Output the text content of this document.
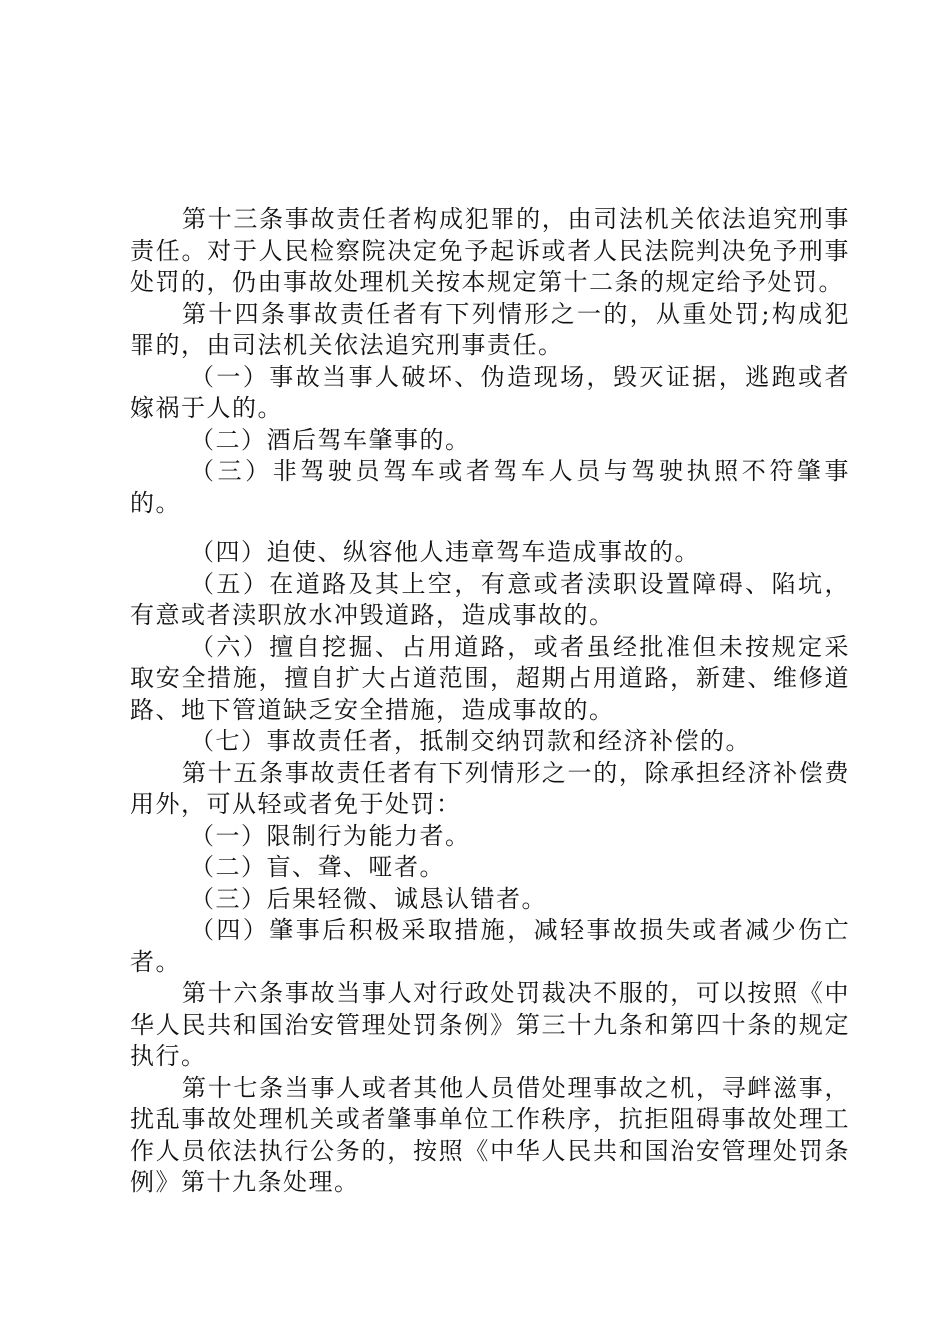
第十三条事故责任者构成犯罪的，由司法机关依法追究刑事责任。对于人民检察院决定免予起诉或者人民法院判决免予刑事处罚的，仍由事故处理机关按本规定第十二条的规定给予处罚。

第十四条事故责任者有下列情形之一的，从重处罚;构成犯罪的，由司法机关依法追究刑事责任。

（一）事故当事人破坏、伪造现场，毁灭证据，逃跑或者嫁祸于人的。

（二）酒后驾车肇事的。

（三）非驾驶员驾车或者驾车人员与驾驶执照不符肇事的。

（四）迫使、纵容他人违章驾车造成事故的。

（五）在道路及其上空，有意或者渎职设置障碍、陷坑，有意或者渎职放水冲毁道路，造成事故的。

（六）擅自挖掘、占用道路，或者虽经批准但未按规定采取安全措施，擅自扩大占道范围，超期占用道路，新建、维修道路、地下管道缺乏安全措施，造成事故的。

（七）事故责任者，抵制交纳罚款和经济补偿的。

第十五条事故责任者有下列情形之一的，除承担经济补偿费用外，可从轻或者免于处罚：

（一）限制行为能力者。

（二）盲、聋、哑者。

（三）后果轻微、诚恳认错者。

（四）肇事后积极采取措施，减轻事故损失或者减少伤亡者。

第十六条事故当事人对行政处罚裁决不服的，可以按照《中华人民共和国治安管理处罚条例》第三十九条和第四十条的规定执行。

第十七条当事人或者其他人员借处理事故之机，寻衅滋事，扰乱事故处理机关或者肇事单位工作秩序，抗拒阻碍事故处理工作人员依法执行公务的，按照《中华人民共和国治安管理处罚条例》第十九条处理。
